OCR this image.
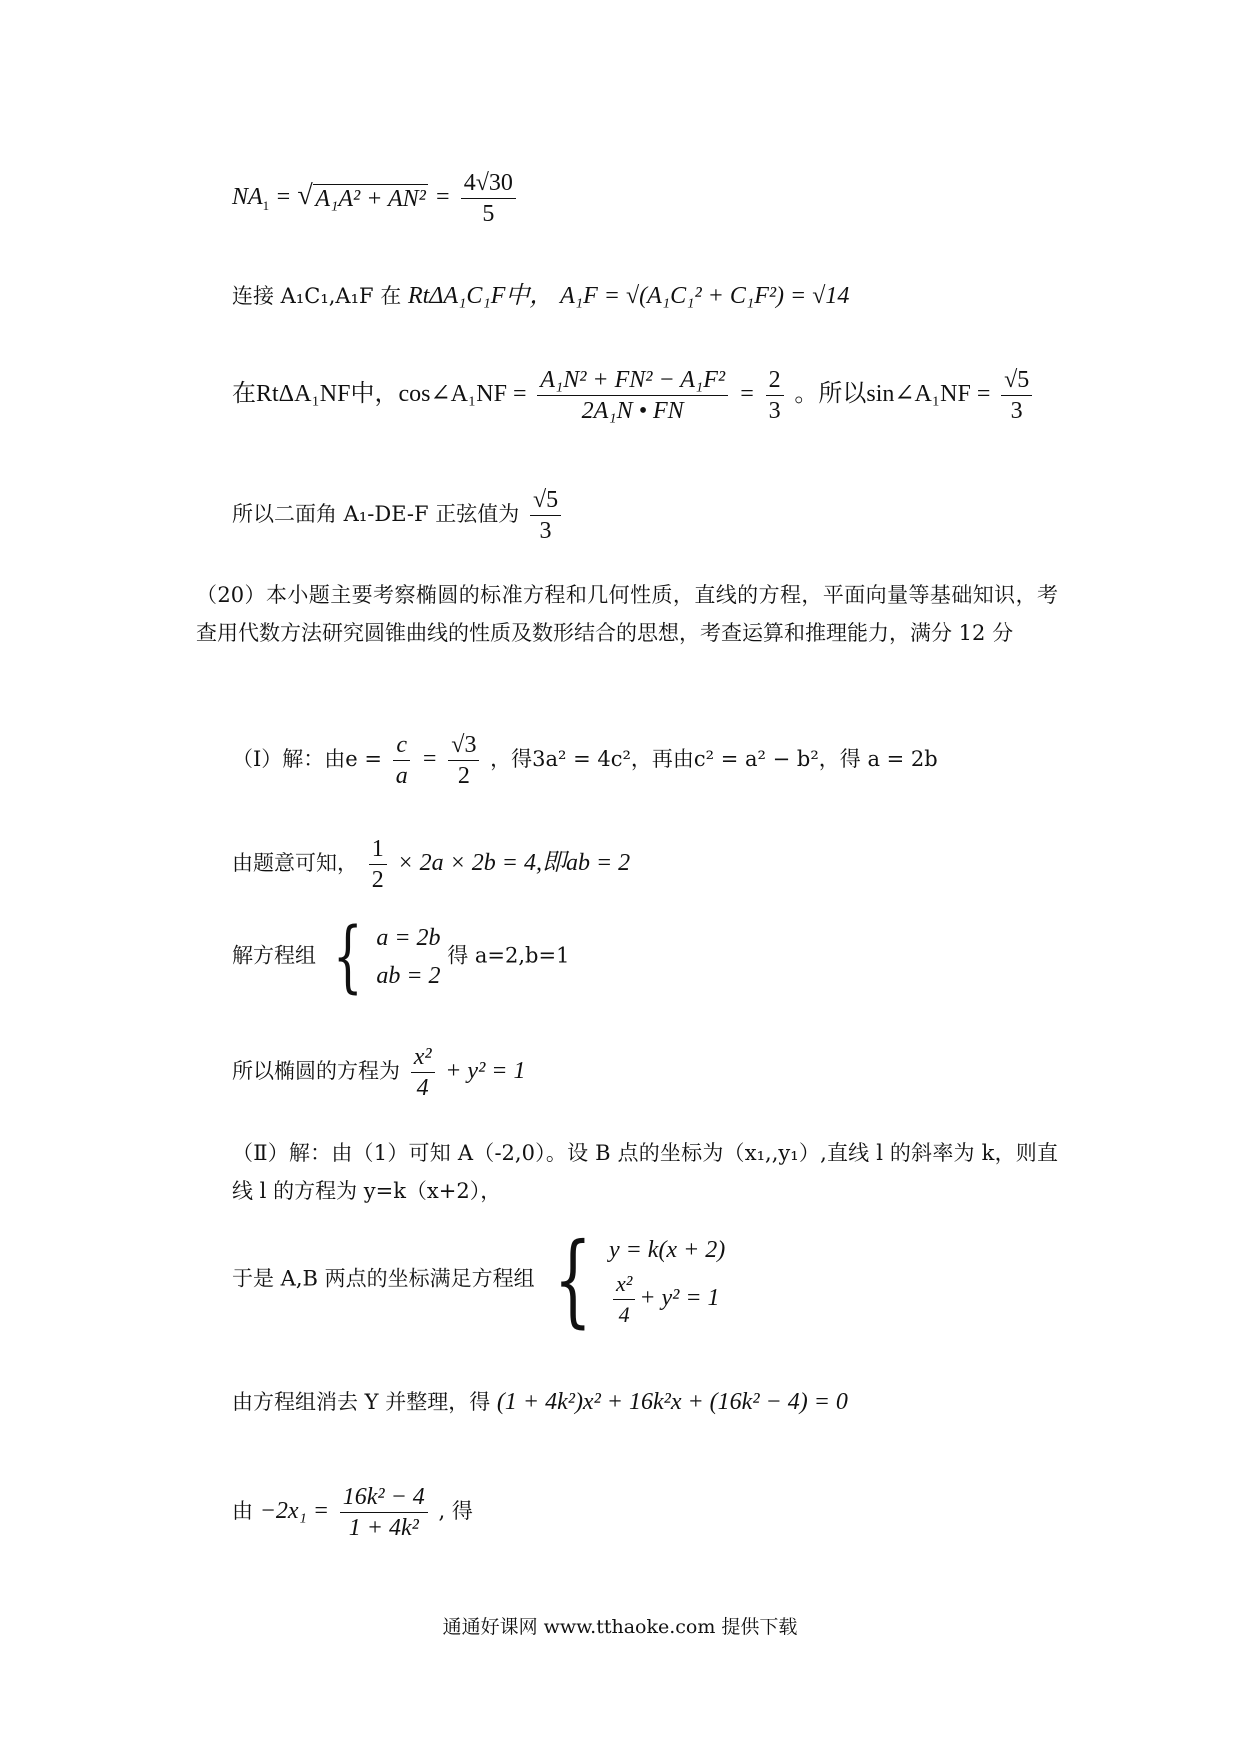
$NA_1$ = √ $A_1A^2 + AN^2 = \frac{4√30}{5}$
连接 A₁C₁,A₁F 在 RtΔA₁C₁F中， A₁F = √(A₁C₁² + C₁F²) = √14
在RtΔA₁NF中，cos∠A₁NF = $\frac{\text{A₁N² + FN² − A₁F²}}{\text{2A₁N • FN}} = \frac{2}{3}$ 。所以sin∠A₁NF = $\frac{√5}{3}$
所以二面角 A₁-DE-F 正弦值为 $\frac{√5}{3}$
（20）本小题主要考察椭圆的标准方程和几何性质，直线的方程，平面向量等基础知识，考查用代数方法研究圆锥曲线的性质及数形结合的思想，考查运算和推理能力，满分 12 分
（Ⅰ）解：由$e = \frac{c}{a} = \frac{√3}{2}$ ，得3a² = 4c²，再由c² = a² − b²，得 a = 2b
由题意可知， $\frac{1}{2} \times 2a \times 2b = 4$,即ab = 2
解方程组 { a = 2b
ab = 2
得 a=2,b=1
所以椭圆的方程为 $\frac{\text{x²}}{4} + y^2 = 1$
（Ⅱ）解：由（1）可知 A（-2,0）。设 B 点的坐标为（x₁,,y₁）,直线 l 的斜率为 k，则直线 l 的方程为 y=k（x+2），
于是 A,B 两点的坐标满足方程组 { y = k(x + 2)
$\frac{\text{x²}}{4} + y^2 = 1$
由方程组消去 Y 并整理，得 (1 + 4k²)x² + 16k²x + (16k² − 4) = 0
由 $-2x_1 = \frac{\text{16k² − 4}}{\text{1 + 4k²}}$ , 得
通通好课网 www.tthaoke.com 提供下载
